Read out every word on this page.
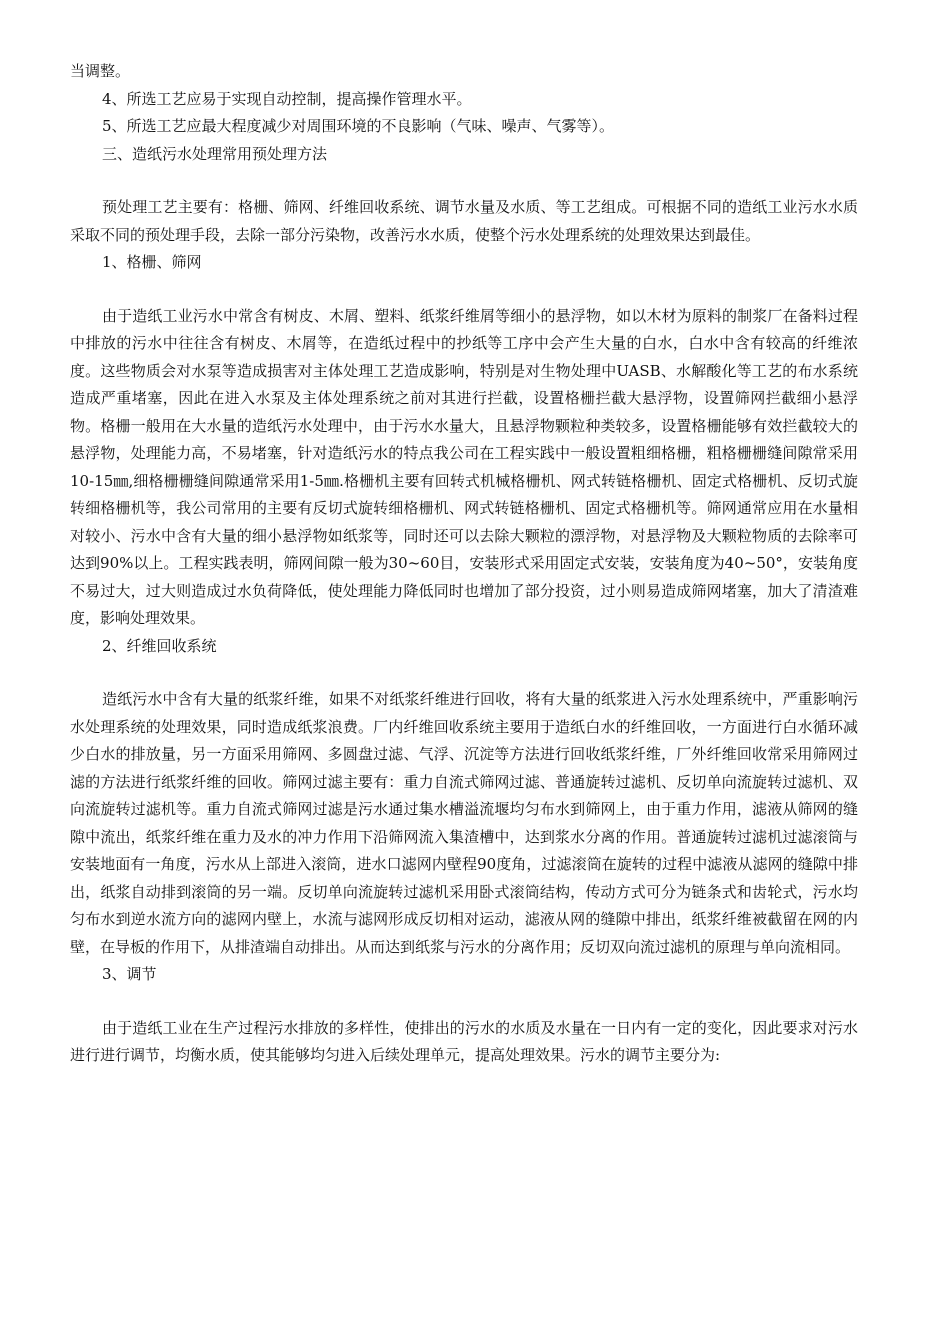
当调整。

4、所选工艺应易于实现自动控制，提高操作管理水平。

5、所选工艺应最大程度减少对周围环境的不良影响（气味、噪声、气雾等）。

三、造纸污水处理常用预处理方法

预处理工艺主要有：格栅、筛网、纤维回收系统、调节水量及水质、等工艺组成。可根据不同的造纸工业污水水质采取不同的预处理手段，去除一部分污染物，改善污水水质，使整个污水处理系统的处理效果达到最佳。

1、格栅、筛网

由于造纸工业污水中常含有树皮、木屑、塑料、纸浆纤维屑等细小的悬浮物，如以木材为原料的制浆厂在备料过程中排放的污水中往往含有树皮、木屑等，在造纸过程中的抄纸等工序中会产生大量的白水，白水中含有较高的纤维浓度。这些物质会对水泵等造成损害对主体处理工艺造成影响，特别是对生物处理中UASB、水解酸化等工艺的布水系统造成严重堵塞，因此在进入水泵及主体处理系统之前对其进行拦截，设置格栅拦截大悬浮物，设置筛网拦截细小悬浮物。格栅一般用在大水量的造纸污水处理中，由于污水水量大，且悬浮物颗粒种类较多，设置格栅能够有效拦截较大的悬浮物，处理能力高，不易堵塞，针对造纸污水的特点我公司在工程实践中一般设置粗细格栅，粗格栅栅缝间隙常采用10-15㎜,细格栅栅缝间隙通常采用1-5㎜.格栅机主要有回转式机械格栅机、网式转链格栅机、固定式格栅机、反切式旋转细格栅机等，我公司常用的主要有反切式旋转细格栅机、网式转链格栅机、固定式格栅机等。筛网通常应用在水量相对较小、污水中含有大量的细小悬浮物如纸浆等，同时还可以去除大颗粒的漂浮物，对悬浮物及大颗粒物质的去除率可达到90%以上。工程实践表明，筛网间隙一般为30~60目，安装形式采用固定式安装，安装角度为40~50°，安装角度不易过大，过大则造成过水负荷降低，使处理能力降低同时也增加了部分投资，过小则易造成筛网堵塞，加大了清渣难度，影响处理效果。

2、纤维回收系统

造纸污水中含有大量的纸浆纤维，如果不对纸浆纤维进行回收，将有大量的纸浆进入污水处理系统中，严重影响污水处理系统的处理效果，同时造成纸浆浪费。厂内纤维回收系统主要用于造纸白水的纤维回收，一方面进行白水循环减少白水的排放量，另一方面采用筛网、多圆盘过滤、气浮、沉淀等方法进行回收纸浆纤维，厂外纤维回收常采用筛网过滤的方法进行纸浆纤维的回收。筛网过滤主要有：重力自流式筛网过滤、普通旋转过滤机、反切单向流旋转过滤机、双向流旋转过滤机等。重力自流式筛网过滤是污水通过集水槽溢流堰均匀布水到筛网上，由于重力作用，滤液从筛网的缝隙中流出，纸浆纤维在重力及水的冲力作用下沿筛网流入集渣槽中，达到浆水分离的作用。普通旋转过滤机过滤滚筒与安装地面有一角度，污水从上部进入滚筒，进水口滤网内壁程90度角，过滤滚筒在旋转的过程中滤液从滤网的缝隙中排出，纸浆自动排到滚筒的另一端。反切单向流旋转过滤机采用卧式滚筒结构，传动方式可分为链条式和齿轮式，污水均匀布水到逆水流方向的滤网内壁上，水流与滤网形成反切相对运动，滤液从网的缝隙中排出，纸浆纤维被截留在网的内壁，在导板的作用下，从排渣端自动排出。从而达到纸浆与污水的分离作用；反切双向流过滤机的原理与单向流相同。

3、调节

由于造纸工业在生产过程污水排放的多样性，使排出的污水的水质及水量在一日内有一定的变化，因此要求对污水进行进行调节，均衡水质，使其能够均匀进入后续处理单元，提高处理效果。污水的调节主要分为:
